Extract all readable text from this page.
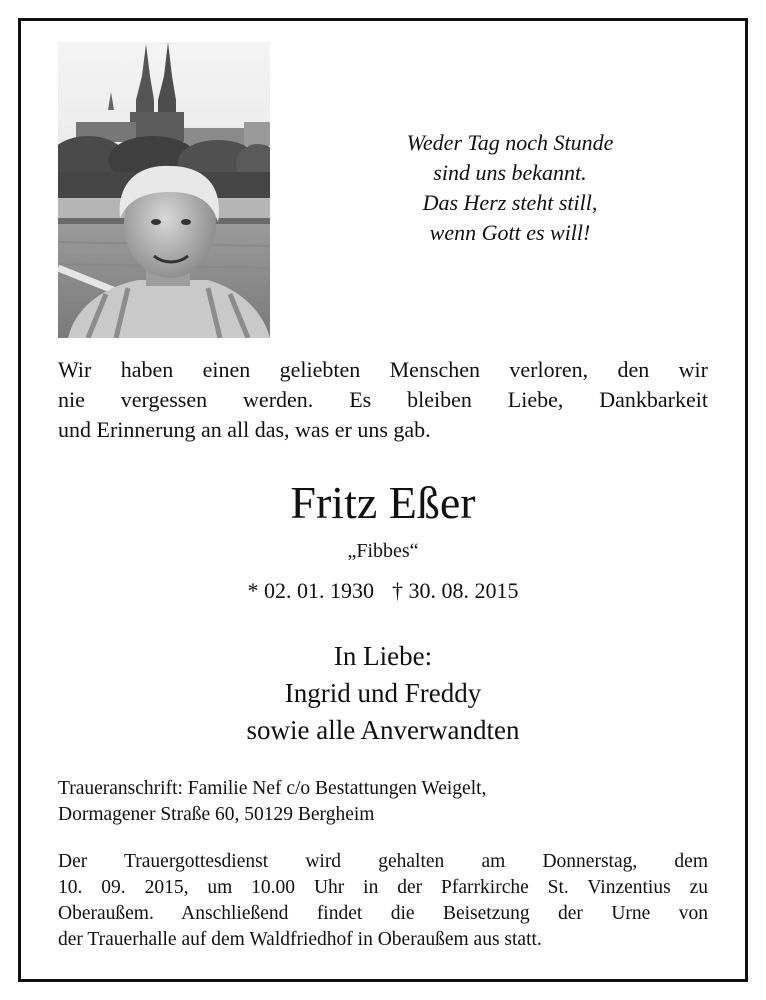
Weder Tag noch Stunde
sind uns bekannt.
Das Herz steht still,
wenn Gott es will!
Wir haben einen geliebten Menschen verloren, den wir
nie vergessen werden. Es bleiben Liebe, Dankbarkeit
und Erinnerung an all das, was er uns gab.
Fritz Eßer
„Fibbes“
* 02. 01. 1930 † 30. 08. 2015
In Liebe:
Ingrid und Freddy
sowie alle Anverwandten
Traueranschrift: Familie Nef c/o Bestattungen Weigelt,
Dormagener Straße 60, 50129 Bergheim
Der Trauergottesdienst wird gehalten am Donnerstag, dem
10. 09. 2015, um 10.00 Uhr in der Pfarrkirche St. Vinzentius zu
Oberaußem. Anschließend findet die Beisetzung der Urne von
der Trauerhalle auf dem Waldfriedhof in Oberaußem aus statt.
